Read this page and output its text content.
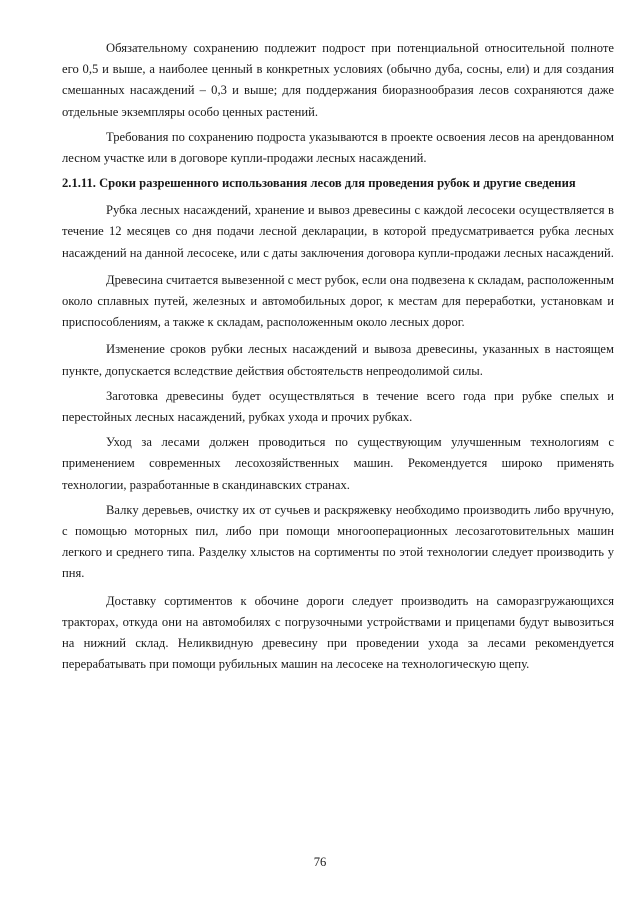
Обязательному сохранению подлежит подрост при потенциальной относительной полноте его 0,5 и выше, а наиболее ценный в конкретных условиях (обычно дуба, сосны, ели) и для создания смешанных насаждений – 0,3 и выше; для поддержания биоразнообразия лесов сохраняются даже отдельные экземпляры особо ценных растений.

Требования по сохранению подроста указываются в проекте освоения лесов на арендованном лесном участке или в договоре купли-продажи лесных насаждений.

2.1.11. Сроки разрешенного использования лесов для проведения рубок и другие сведения

Рубка лесных насаждений, хранение и вывоз древесины с каждой лесосеки осуществляется в течение 12 месяцев со дня подачи лесной декларации, в которой предусматривается рубка лесных насаждений на данной лесосеке, или с даты заключения договора купли-продажи лесных насаждений.

Древесина считается вывезенной с мест рубок, если она подвезена к складам, расположенным около сплавных путей, железных и автомобильных дорог, к местам для переработки, установкам и приспособлениям, а также к складам, расположенным около лесных дорог.

Изменение сроков рубки лесных насаждений и вывоза древесины, указанных в настоящем пункте, допускается вследствие действия обстоятельств непреодолимой силы.

Заготовка древесины будет осуществляться в течение всего года при рубке спелых и перестойных лесных насаждений, рубках ухода и прочих рубках.

Уход за лесами должен проводиться по существующим улучшенным технологиям с применением современных лесохозяйственных машин. Рекомендуется широко применять технологии, разработанные в скандинавских странах.

Валку деревьев, очистку их от сучьев и раскряжевку необходимо производить либо вручную, с помощью моторных пил, либо при помощи многооперационных лесозаготовительных машин легкого и среднего типа. Разделку хлыстов на сортименты по этой технологии следует производить у пня.

Доставку сортиментов к обочине дороги следует производить на саморазгружающихся тракторах, откуда они на автомобилях с погрузочными устройствами и прицепами будут вывозиться на нижний склад. Неликвидную древесину при проведении ухода за лесами рекомендуется перерабатывать при помощи рубильных машин на лесосеке на технологическую щепу.

76
